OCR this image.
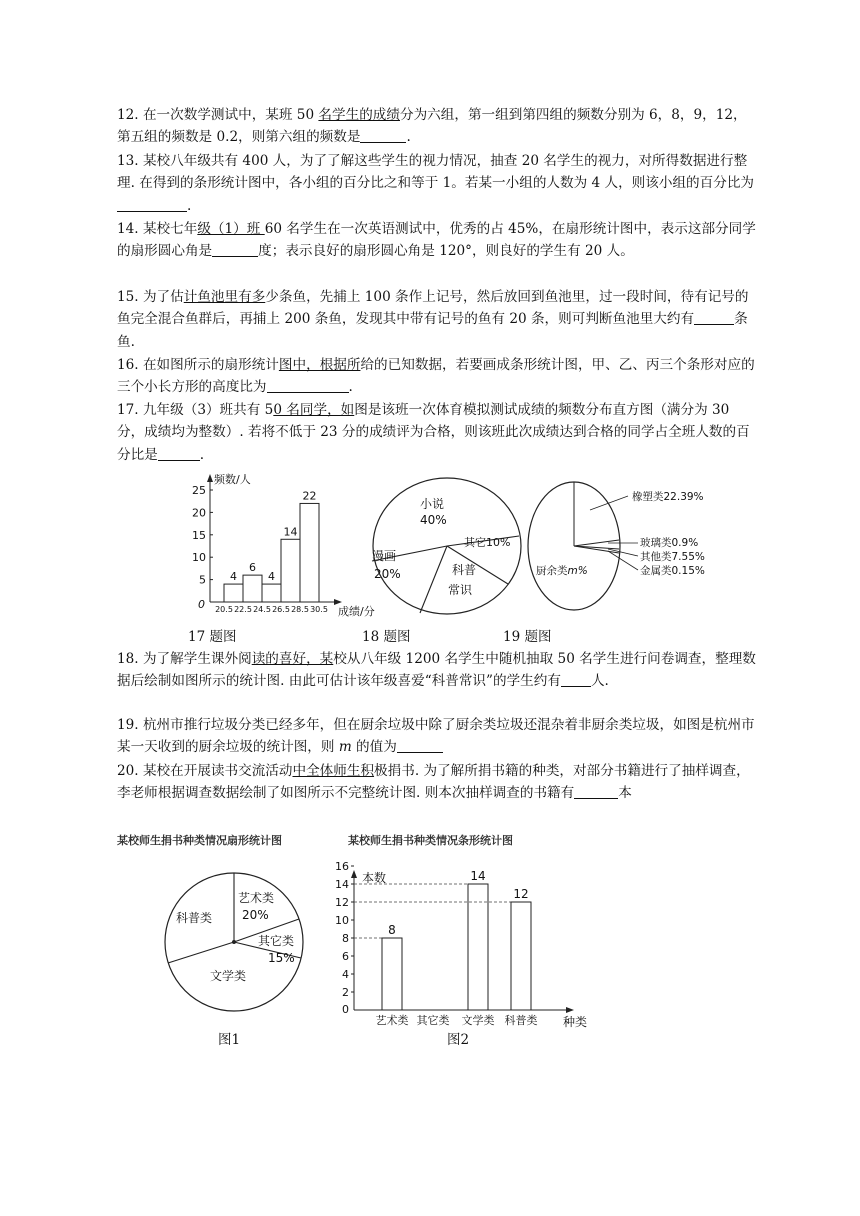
12. 在一次数学测试中，某班 50 名学生的成绩分为六组，第一组到第四组的频数分别为 6，8，9，12，第五组的频数是 0.2，则第六组的频数是	.

13. 某校八年级共有 400 人，为了了解这些学生的视力情况，抽查 20 名学生的视力，对所得数据进行整理. 在得到的条形统计图中，各小组的百分比之和等于 1。若某一小组的人数为 4 人，则该小组的百分比为.

14. 某校七年级（1）班 60 名学生在一次英语测试中，优秀的占 45%，在扇形统计图中，表示这部分同学的扇形圆心角是	度；表示良好的扇形圆心角是 120°，则良好的学生有 20 人。

15. 为了估计鱼池里有多少条鱼，先捕上 100 条作上记号，然后放回到鱼池里，过一段时间，待有记号的鱼完全混合鱼群后，再捕上 200 条鱼，发现其中带有记号的鱼有 20 条，则可判断鱼池里大约有	条鱼.

16. 在如图所示的扇形统计图中，根据所给的已知数据，若要画成条形统计图，甲、乙、丙三个条形对应的三个小长方形的高度比为	.

17. 九年级（3）班共有 50 名同学，如图是该班一次体育模拟测试成绩的频数分布直方图（满分为 30 分，成绩均为整数）. 若将不低于 23 分的成绩评为合格，则该班此次成绩达到合格的同学占全班人数的百分比是	.

5
10
15
20
25
4
6
4
14
22
20.5 22.5 24.5 26.5 28.5 30.5
频数/人
成绩/分
0
小说
40%
其它10%
漫画
20%	科普
常识
橡塑类22.39%
玻璃类0.9%
其他类7.55%
金属类0.15%
厨余类m%
17 题图	18 题图	19 题图

18. 为了解学生课外阅读的喜好，某校从八年级 1200 名学生中随机抽取 50 名学生进行问卷调查，整理数据后绘制如图所示的统计图. 由此可估计该年级喜爱“科普常识”的学生约有 人.

19. 杭州市推行垃圾分类已经多年，但在厨余垃圾中除了厨余类垃圾还混杂着非厨余类垃圾，如图是杭州市某一天收到的厨余垃圾的统计图，则 m 的值为

20. 某校在开展读书交流活动中全体师生积极捐书. 为了解所捐书籍的种类，对部分书籍进行了抽样调查，李老师根据调查数据绘制了如图所示不完整统计图. 则本次抽样调查的书籍有	本

某校师生捐书种类情况扇形统计图	某校师生捐书种类情况条形统计图
艺术类
20%
科普类
其它类
15%
文学类
2
4
6
8
10
12
14
16
8
14
12
艺术类 其它类 文学类 科普类
本数
种类
0
图1	图2
